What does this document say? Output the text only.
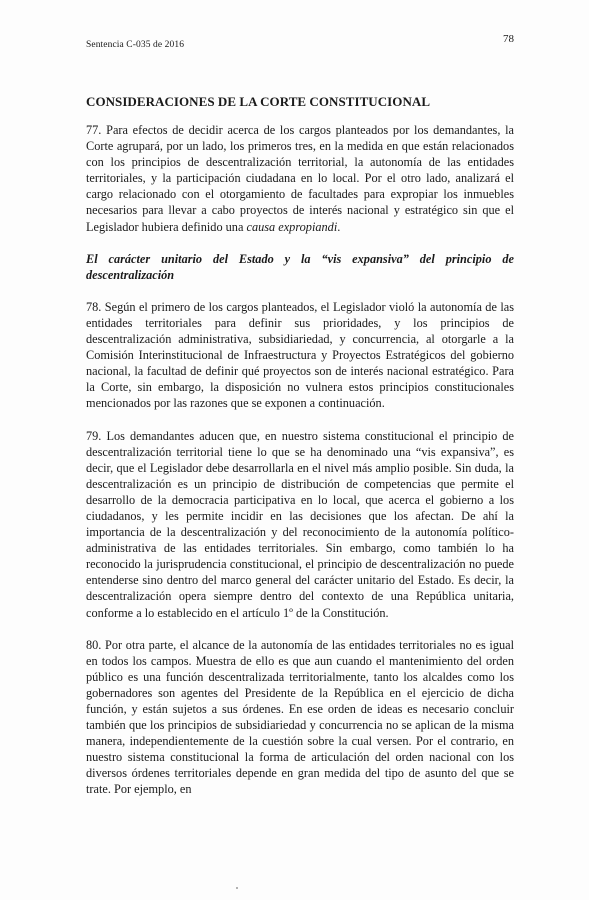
Sentencia C-035 de 2016	78
CONSIDERACIONES DE LA CORTE CONSTITUCIONAL

77. Para efectos de decidir acerca de los cargos planteados por los demandantes, la Corte agrupará, por un lado, los primeros tres, en la medida en que están relacionados con los principios de descentralización territorial, la autonomía de las entidades territoriales, y la participación ciudadana en lo local. Por el otro lado, analizará el cargo relacionado con el otorgamiento de facultades para expropiar los inmuebles necesarios para llevar a cabo proyectos de interés nacional y estratégico sin que el Legislador hubiera definido una causa expropiandi.

El carácter unitario del Estado y la “vis expansiva” del principio de descentralización

78. Según el primero de los cargos planteados, el Legislador violó la autonomía de las entidades territoriales para definir sus prioridades, y los principios de descentralización administrativa, subsidiariedad, y concurrencia, al otorgarle a la Comisión Interinstitucional de Infraestructura y Proyectos Estratégicos del gobierno nacional, la facultad de definir qué proyectos son de interés nacional estratégico. Para la Corte, sin embargo, la disposición no vulnera estos principios constitucionales mencionados por las razones que se exponen a continuación.

79. Los demandantes aducen que, en nuestro sistema constitucional el principio de descentralización territorial tiene lo que se ha denominado una “vis expansiva”, es decir, que el Legislador debe desarrollarla en el nivel más amplio posible. Sin duda, la descentralización es un principio de distribución de competencias que permite el desarrollo de la democracia participativa en lo local, que acerca el gobierno a los ciudadanos, y les permite incidir en las decisiones que los afectan. De ahí la importancia de la descentralización y del reconocimiento de la autonomía político-administrativa de las entidades territoriales. Sin embargo, como también lo ha reconocido la jurisprudencia constitucional, el principio de descentralización no puede entenderse sino dentro del marco general del carácter unitario del Estado. Es decir, la descentralización opera siempre dentro del contexto de una República unitaria, conforme a lo establecido en el artículo 1º de la Constitución.

80. Por otra parte, el alcance de la autonomía de las entidades territoriales no es igual en todos los campos. Muestra de ello es que aun cuando el mantenimiento del orden público es una función descentralizada territorialmente, tanto los alcaldes como los gobernadores son agentes del Presidente de la República en el ejercicio de dicha función, y están sujetos a sus órdenes. En ese orden de ideas es necesario concluir también que los principios de subsidiariedad y concurrencia no se aplican de la misma manera, independientemente de la cuestión sobre la cual versen. Por el contrario, en nuestro sistema constitucional la forma de articulación del orden nacional con los diversos órdenes territoriales depende en gran medida del tipo de asunto del que se trate. Por ejemplo, en
